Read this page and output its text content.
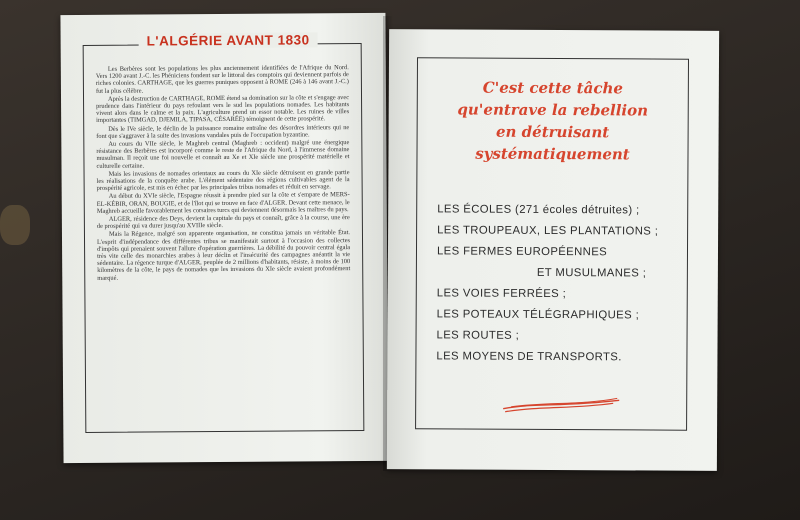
L'ALGÉRIE AVANT 1830

Les Berbères sont les populations les plus anciennement identifiées de l'Afrique du Nord. Vers 1200 avant J.-C. les Phéniciens fondent sur le littoral des comptoirs qui deviennent parfois de riches colonies. CARTHAGE, que les guerres puniques opposent à ROME (246 à 146 avant J.-C.) fut la plus célèbre.

Après la destruction de CARTHAGE, ROME étend sa domination sur la côte et s'engage avec prudence dans l'intérieur du pays refoulant vers le sud les populations nomades. Les habitants vivent alors dans le calme et la paix. L'agriculture prend un essor notable. Les ruines de villes importantes (TIMGAD, DJEMILA, TIPASA, CÉSARÉE) témoignent de cette prospérité.

Dès le IVe siècle, le déclin de la puissance romaine entraîne des désordres intérieurs qui ne font que s'aggraver à la suite des invasions vandales puis de l'occupation byzantine.

Au cours du VIIe siècle, le Maghreb central (Maghreb : occident) malgré une énergique résistance des Berbères est incorporé comme le reste de l'Afrique du Nord, à l'immense domaine musulman. Il reçoit une foi nouvelle et connaît au Xe et XIe siècle une prospérité matérielle et culturelle certaine.

Mais les invasions de nomades orientaux au cours du XIe siècle détruisent en grande partie les réalisations de la conquête arabe. L'élément sédentaire des régions cultivables agent de la prospérité agricole, est mis en échec par les principales tribus nomades et réduit en servage.

Au début du XVIe siècle, l'Espagne réussit à prendre pied sur la côte et s'empare de MERS-EL-KÉBIR, ORAN, BOUGIE, et de l'îlot qui se trouve en face d'ALGER. Devant cette menace, le Maghreb accueille favorablement les corsaires turcs qui deviennent désormais les maîtres du pays.

ALGER, résidence des Deys, devient la capitale du pays et connaît, grâce à la course, une ère de prospérité qui va durer jusqu'au XVIIIe siècle.

Mais la Régence, malgré son apparente organisation, ne constitua jamais un véritable État. L'esprit d'indépendance des différentes tribus se manifestait surtout à l'occasion des collectes d'impôts qui prenaient souvent l'allure d'opération guerrières. La débilité du pouvoir central égala très vite celle des monarchies arabes à leur déclin et l'insécurité des campagnes anéantit la vie sédentaire. La régence turque d'ALGER, peuplée de 2 millions d'habitants, résiste, à moins de 100 kilomètres de la côte, le pays de nomades que les invasions du XIe siècle avaient profondément marqué.

C'est cette tâche
qu'entrave la rebellion
en détruisant
systématiquement
LES ÉCOLES (271 écoles détruites) ;
LES TROUPEAUX, LES PLANTATIONS ;
LES FERMES EUROPÉENNES
ET MUSULMANES ;
LES VOIES FERRÉES ;
LES POTEAUX TÉLÉGRAPHIQUES ;
LES ROUTES ;
LES MOYENS DE TRANSPORTS.
